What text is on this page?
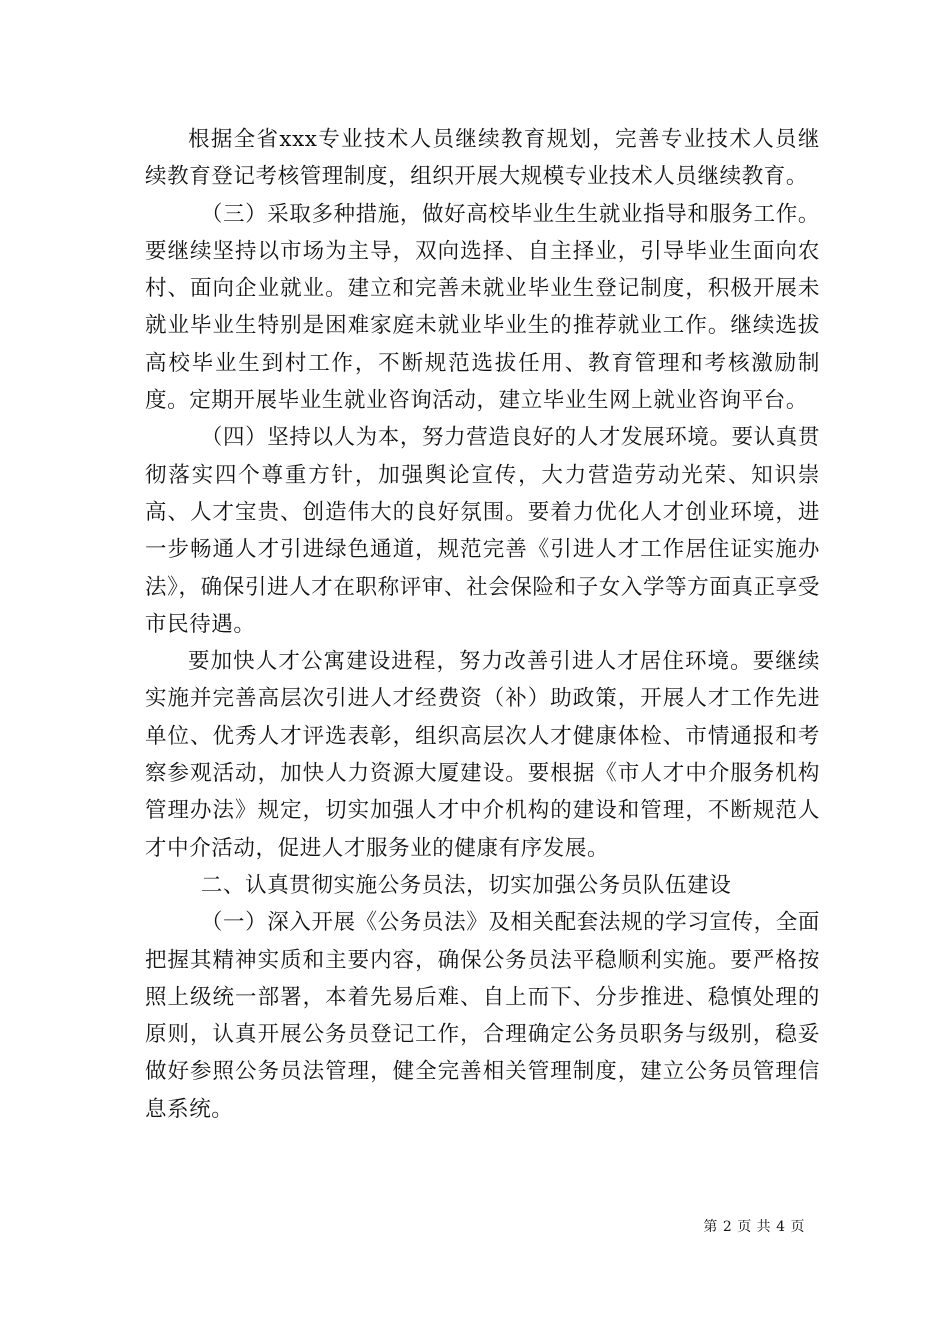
根据全省xxx专业技术人员继续教育规划，完善专业技术人员继续教育登记考核管理制度，组织开展大规模专业技术人员继续教育。

（三）采取多种措施，做好高校毕业生生就业指导和服务工作。要继续坚持以市场为主导，双向选择、自主择业，引导毕业生面向农村、面向企业就业。建立和完善未就业毕业生登记制度，积极开展未就业毕业生特别是困难家庭未就业毕业生的推荐就业工作。继续选拔高校毕业生到村工作，不断规范选拔任用、教育管理和考核激励制度。定期开展毕业生就业咨询活动，建立毕业生网上就业咨询平台。

（四）坚持以人为本，努力营造良好的人才发展环境。要认真贯彻落实四个尊重方针，加强舆论宣传，大力营造劳动光荣、知识崇高、人才宝贵、创造伟大的良好氛围。要着力优化人才创业环境，进一步畅通人才引进绿色通道，规范完善《引进人才工作居住证实施办法》，确保引进人才在职称评审、社会保险和子女入学等方面真正享受市民待遇。

要加快人才公寓建设进程，努力改善引进人才居住环境。要继续实施并完善高层次引进人才经费资（补）助政策，开展人才工作先进单位、优秀人才评选表彰，组织高层次人才健康体检、市情通报和考察参观活动，加快人力资源大厦建设。要根据《市人才中介服务机构管理办法》规定，切实加强人才中介机构的建设和管理，不断规范人才中介活动，促进人才服务业的健康有序发展。

二、认真贯彻实施公务员法，切实加强公务员队伍建设

（一）深入开展《公务员法》及相关配套法规的学习宣传，全面把握其精神实质和主要内容，确保公务员法平稳顺利实施。要严格按照上级统一部署，本着先易后难、自上而下、分步推进、稳慎处理的原则，认真开展公务员登记工作，合理确定公务员职务与级别，稳妥做好参照公务员法管理，健全完善相关管理制度，建立公务员管理信息系统。

第 2 页 共 4 页
